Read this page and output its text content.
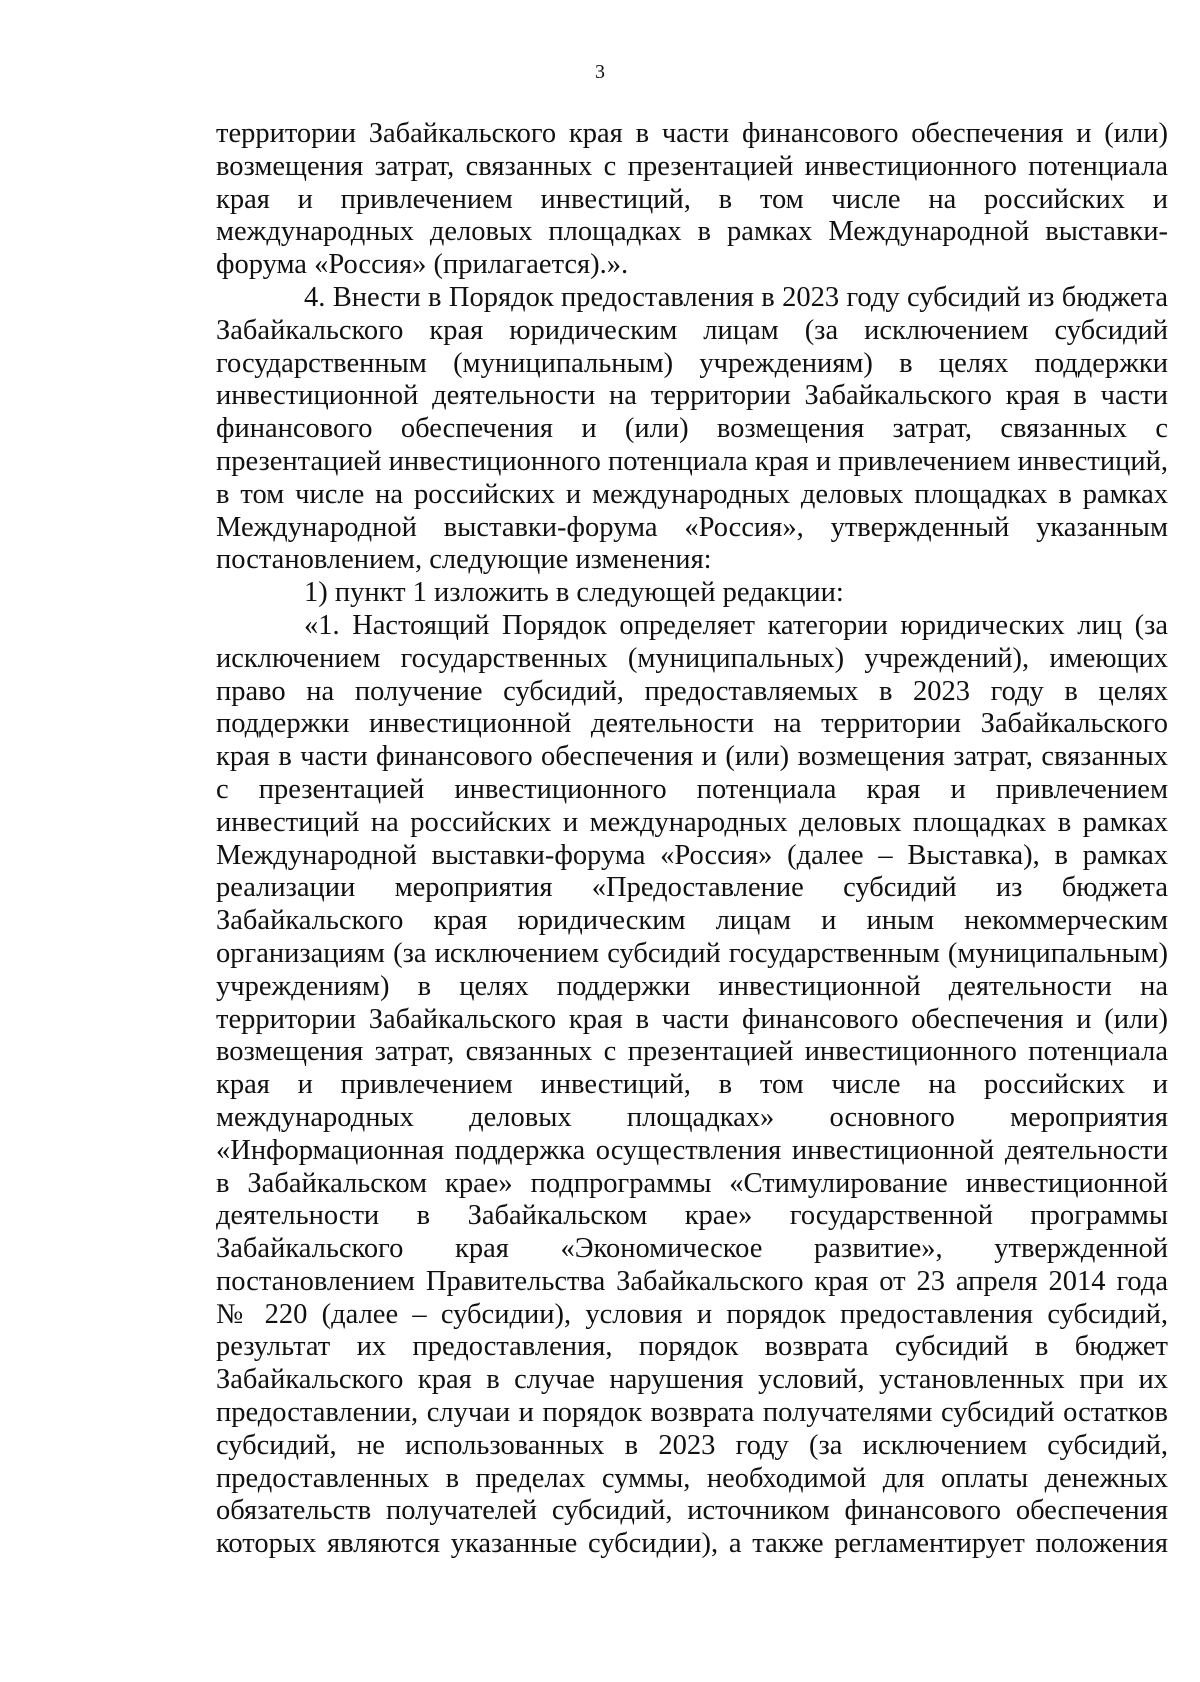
3
территории Забайкальского края в части финансового обеспечения и (или)
возмещения затрат, связанных с презентацией инвестиционного потенциала
края и привлечением инвестиций, в том числе на российских и
международных деловых площадках в рамках Международной выставки-
форума «Россия» (прилагается).».
4. Внести в Порядок предоставления в 2023 году субсидий из бюджета
Забайкальского края юридическим лицам (за исключением субсидий
государственным (муниципальным) учреждениям) в целях поддержки
инвестиционной деятельности на территории Забайкальского края в части
финансового обеспечения и (или) возмещения затрат, связанных с
презентацией инвестиционного потенциала края и привлечением инвестиций,
в том числе на российских и международных деловых площадках в рамках
Международной выставки-форума «Россия», утвержденный указанным
постановлением, следующие изменения:
1) пункт 1 изложить в следующей редакции:
«1. Настоящий Порядок определяет категории юридических лиц (за
исключением государственных (муниципальных) учреждений), имеющих
право на получение субсидий, предоставляемых в 2023 году в целях
поддержки инвестиционной деятельности на территории Забайкальского
края в части финансового обеспечения и (или) возмещения затрат, связанных
с презентацией инвестиционного потенциала края и привлечением
инвестиций на российских и международных деловых площадках в рамках
Международной выставки-форума «Россия» (далее – Выставка), в рамках
реализации мероприятия «Предоставление субсидий из бюджета
Забайкальского края юридическим лицам и иным некоммерческим
организациям (за исключением субсидий государственным (муниципальным)
учреждениям) в целях поддержки инвестиционной деятельности на
территории Забайкальского края в части финансового обеспечения и (или)
возмещения затрат, связанных с презентацией инвестиционного потенциала
края и привлечением инвестиций, в том числе на российских и
международных деловых площадках» основного мероприятия
«Информационная поддержка осуществления инвестиционной деятельности
в Забайкальском крае» подпрограммы «Стимулирование инвестиционной
деятельности в Забайкальском крае» государственной программы
Забайкальского края «Экономическое развитие», утвержденной
постановлением Правительства Забайкальского края от 23 апреля 2014 года
№ 220 (далее – субсидии), условия и порядок предоставления субсидий,
результат их предоставления, порядок возврата субсидий в бюджет
Забайкальского края в случае нарушения условий, установленных при их
предоставлении, случаи и порядок возврата получателями субсидий остатков
субсидий, не использованных в 2023 году (за исключением субсидий,
предоставленных в пределах суммы, необходимой для оплаты денежных
обязательств получателей субсидий, источником финансового обеспечения
которых являются указанные субсидии), а также регламентирует положения
